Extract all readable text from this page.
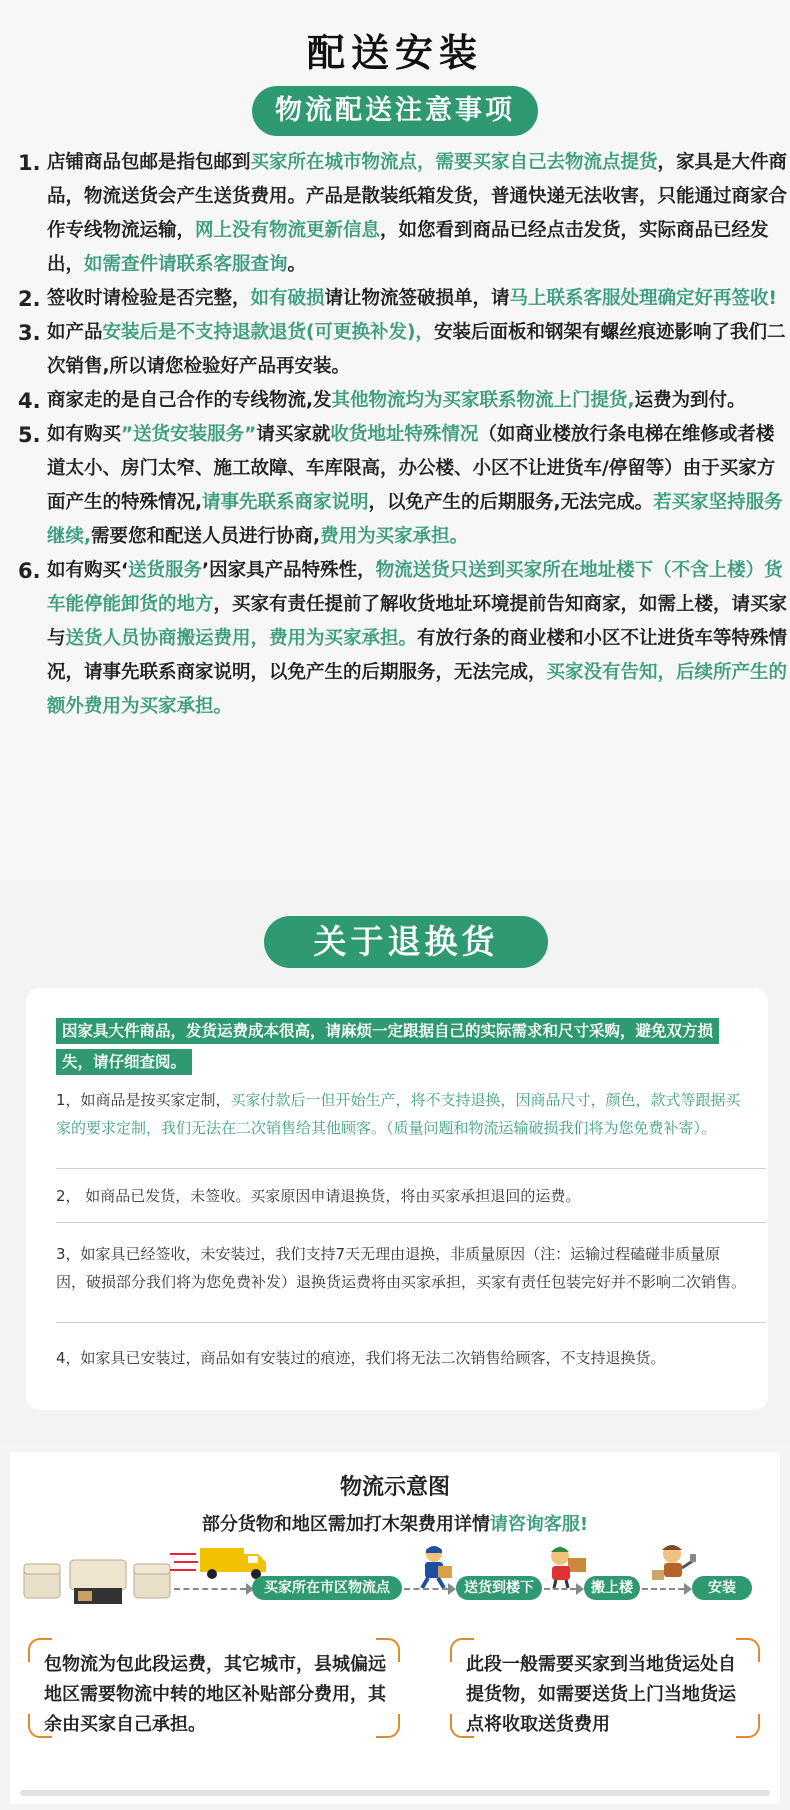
配送安装
物流配送注意事项
1. 店铺商品包邮是指包邮到买家所在城市物流点，需要买家自己去物流点提货，家具是大件商品，物流送货会产生送货费用。产品是散装纸箱发货，普通快递无法收害，只能通过商家合作专线物流运输，网上没有物流更新信息，如您看到商品已经点击发货，实际商品已经发出，如需查件请联系客服查询。
2. 签收时请检验是否完整，如有破损请让物流签破损单，请马上联系客服处理确定好再签收!
3. 如产品安装后是不支持退款退货(可更换补发)，安装后面板和钢架有螺丝痕迹影响了我们二次销售,所以请您检验好产品再安装。
4. 商家走的是自己合作的专线物流,发其他物流均为买家联系物流上门提货,运费为到付。
5. 如有购买”送货安装服务”请买家就收货地址特殊情况（如商业楼放行条电梯在维修或者楼道太小、房门太窄、施工故障、车库限高，办公楼、小区不让进货车/停留等）由于买家方面产生的特殊情况,请事先联系商家说明，以免产生的后期服务,无法完成。若买家坚持服务继续,需要您和配送人员进行协商,费用为买家承担。
6. 如有购买‘送货服务’因家具产品特殊性，物流送货只送到买家所在地址楼下（不含上楼）货车能停能卸货的地方，买家有责任提前了解收货地址环境提前告知商家，如需上楼，请买家与送货人员协商搬运费用，费用为买家承担。有放行条的商业楼和小区不让进货车等特殊情况，请事先联系商家说明，以免产生的后期服务，无法完成，买家没有告知，后续所产生的额外费用为买家承担。
关于退换货
因家具大件商品，发货运费成本很高，请麻烦一定跟据自己的实际需求和尺寸采购，避免双方损失，请仔细查阅。
1，如商品是按买家定制，买家付款后一但开始生产，将不支持退换，因商品尺寸，颜色，款式等跟据买家的要求定制，我们无法在二次销售给其他顾客。（质量问题和物流运输破损我们将为您免费补寄）。
2， 如商品已发货，未签收。买家原因申请退换货，将由买家承担退回的运费。
3，如家具已经签收，未安装过，我们支持7天无理由退换，非质量原因（注：运输过程磕碰非质量原因，破损部分我们将为您免费补发）退换货运费将由买家承担，买家有责任包装完好并不影响二次销售。
4，如家具已安装过，商品如有安装过的痕迹，我们将无法二次销售给顾客，不支持退换货。
物流示意图
部分货物和地区需加打木架费用详情请咨询客服!
买家所在市区物流点	送货到楼下	搬上楼	安装
包物流为包此段运费，其它城市，县城偏远地区需要物流中转的地区补贴部分费用，其余由买家自己承担。
此段一般需要买家到当地货运处自提货物，如需要送货上门当地货运点将收取送货费用
